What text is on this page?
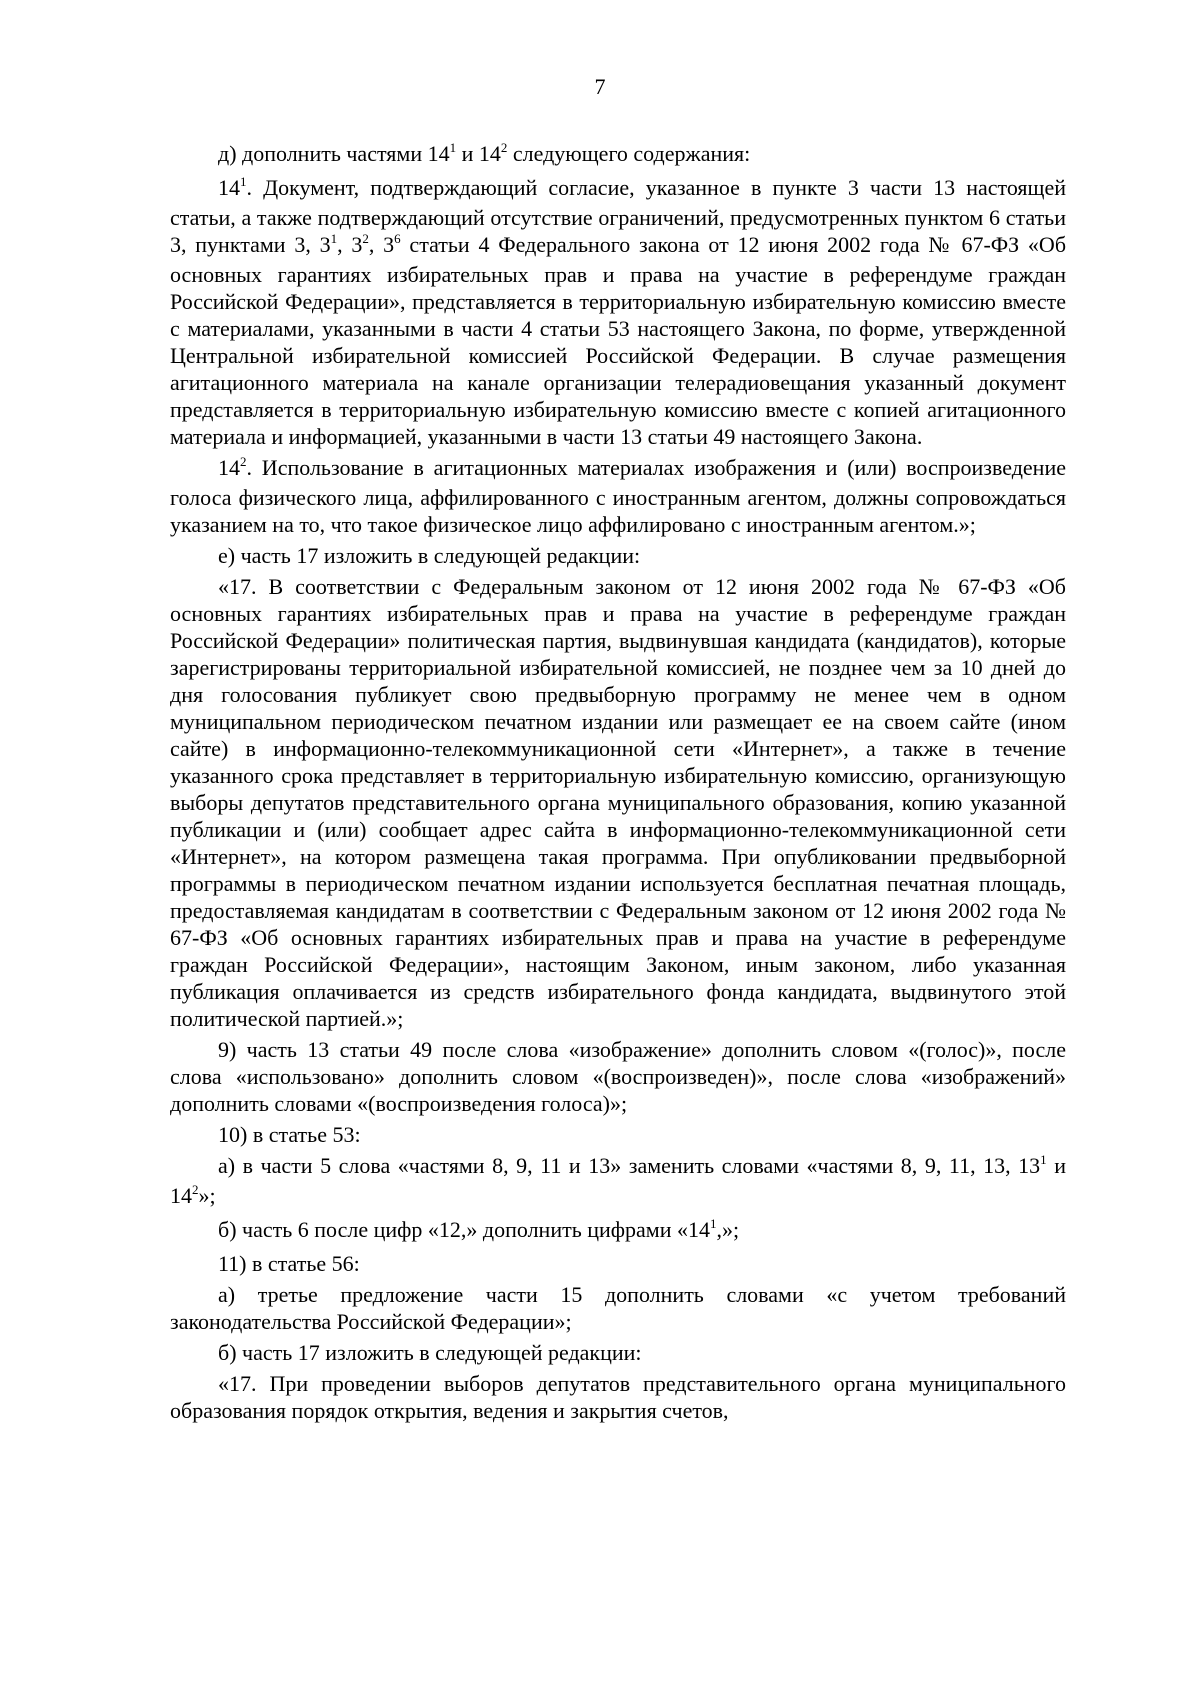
7

д) дополнить частями $14^1$ и $14^2$ следующего содержания:

$14^1$. Документ, подтверждающий согласие, указанное в пункте 3 части 13 настоящей статьи, а также подтверждающий отсутствие ограничений, предусмотренных пунктом 6 статьи 3, пунктами 3, $3^1$, $3^2$, $3^6$ статьи 4 Федерального закона от 12 июня 2002 года № 67-ФЗ «Об основных гарантиях избирательных прав и права на участие в референдуме граждан Российской Федерации», представляется в территориальную избирательную комиссию вместе с материалами, указанными в части 4 статьи 53 настоящего Закона, по форме, утвержденной Центральной избирательной комиссией Российской Федерации. В случае размещения агитационного материала на канале организации телерадиовещания указанный документ представляется в территориальную избирательную комиссию вместе с копией агитационного материала и информацией, указанными в части 13 статьи 49 настоящего Закона.

$14^2$. Использование в агитационных материалах изображения и (или) воспроизведение голоса физического лица, аффилированного с иностранным агентом, должны сопровождаться указанием на то, что такое физическое лицо аффилировано с иностранным агентом.»;

е) часть 17 изложить в следующей редакции:

«17. В соответствии с Федеральным законом от 12 июня 2002 года № 67-ФЗ «Об основных гарантиях избирательных прав и права на участие в референдуме граждан Российской Федерации» политическая партия, выдвинувшая кандидата (кандидатов), которые зарегистрированы территориальной избирательной комиссией, не позднее чем за 10 дней до дня голосования публикует свою предвыборную программу не менее чем в одном муниципальном периодическом печатном издании или размещает ее на своем сайте (ином сайте) в информационно-телекоммуникационной сети «Интернет», а также в течение указанного срока представляет в территориальную избирательную комиссию, организующую выборы депутатов представительного органа муниципального образования, копию указанной публикации и (или) сообщает адрес сайта в информационно-телекоммуникационной сети «Интернет», на котором размещена такая программа. При опубликовании предвыборной программы в периодическом печатном издании используется бесплатная печатная площадь, предоставляемая кандидатам в соответствии с Федеральным законом от 12 июня 2002 года № 67-ФЗ «Об основных гарантиях избирательных прав и права на участие в референдуме граждан Российской Федерации», настоящим Законом, иным законом, либо указанная публикация оплачивается из средств избирательного фонда кандидата, выдвинутого этой политической партией.»;

9) часть 13 статьи 49 после слова «изображение» дополнить словом «(голос)», после слова «использовано» дополнить словом «(воспроизведен)», после слова «изображений» дополнить словами «(воспроизведения голоса)»;

10) в статье 53:

а) в части 5 слова «частями 8, 9, 11 и 13» заменить словами «частями 8, 9, 11, 13, $13^1$ и $14^2$»;

б) часть 6 после цифр «12,» дополнить цифрами «$14^1$,»;

11) в статье 56:

а) третье предложение части 15 дополнить словами «с учетом требований законодательства Российской Федерации»;

б) часть 17 изложить в следующей редакции:

«17. При проведении выборов депутатов представительного органа муниципального образования порядок открытия, ведения и закрытия счетов,
